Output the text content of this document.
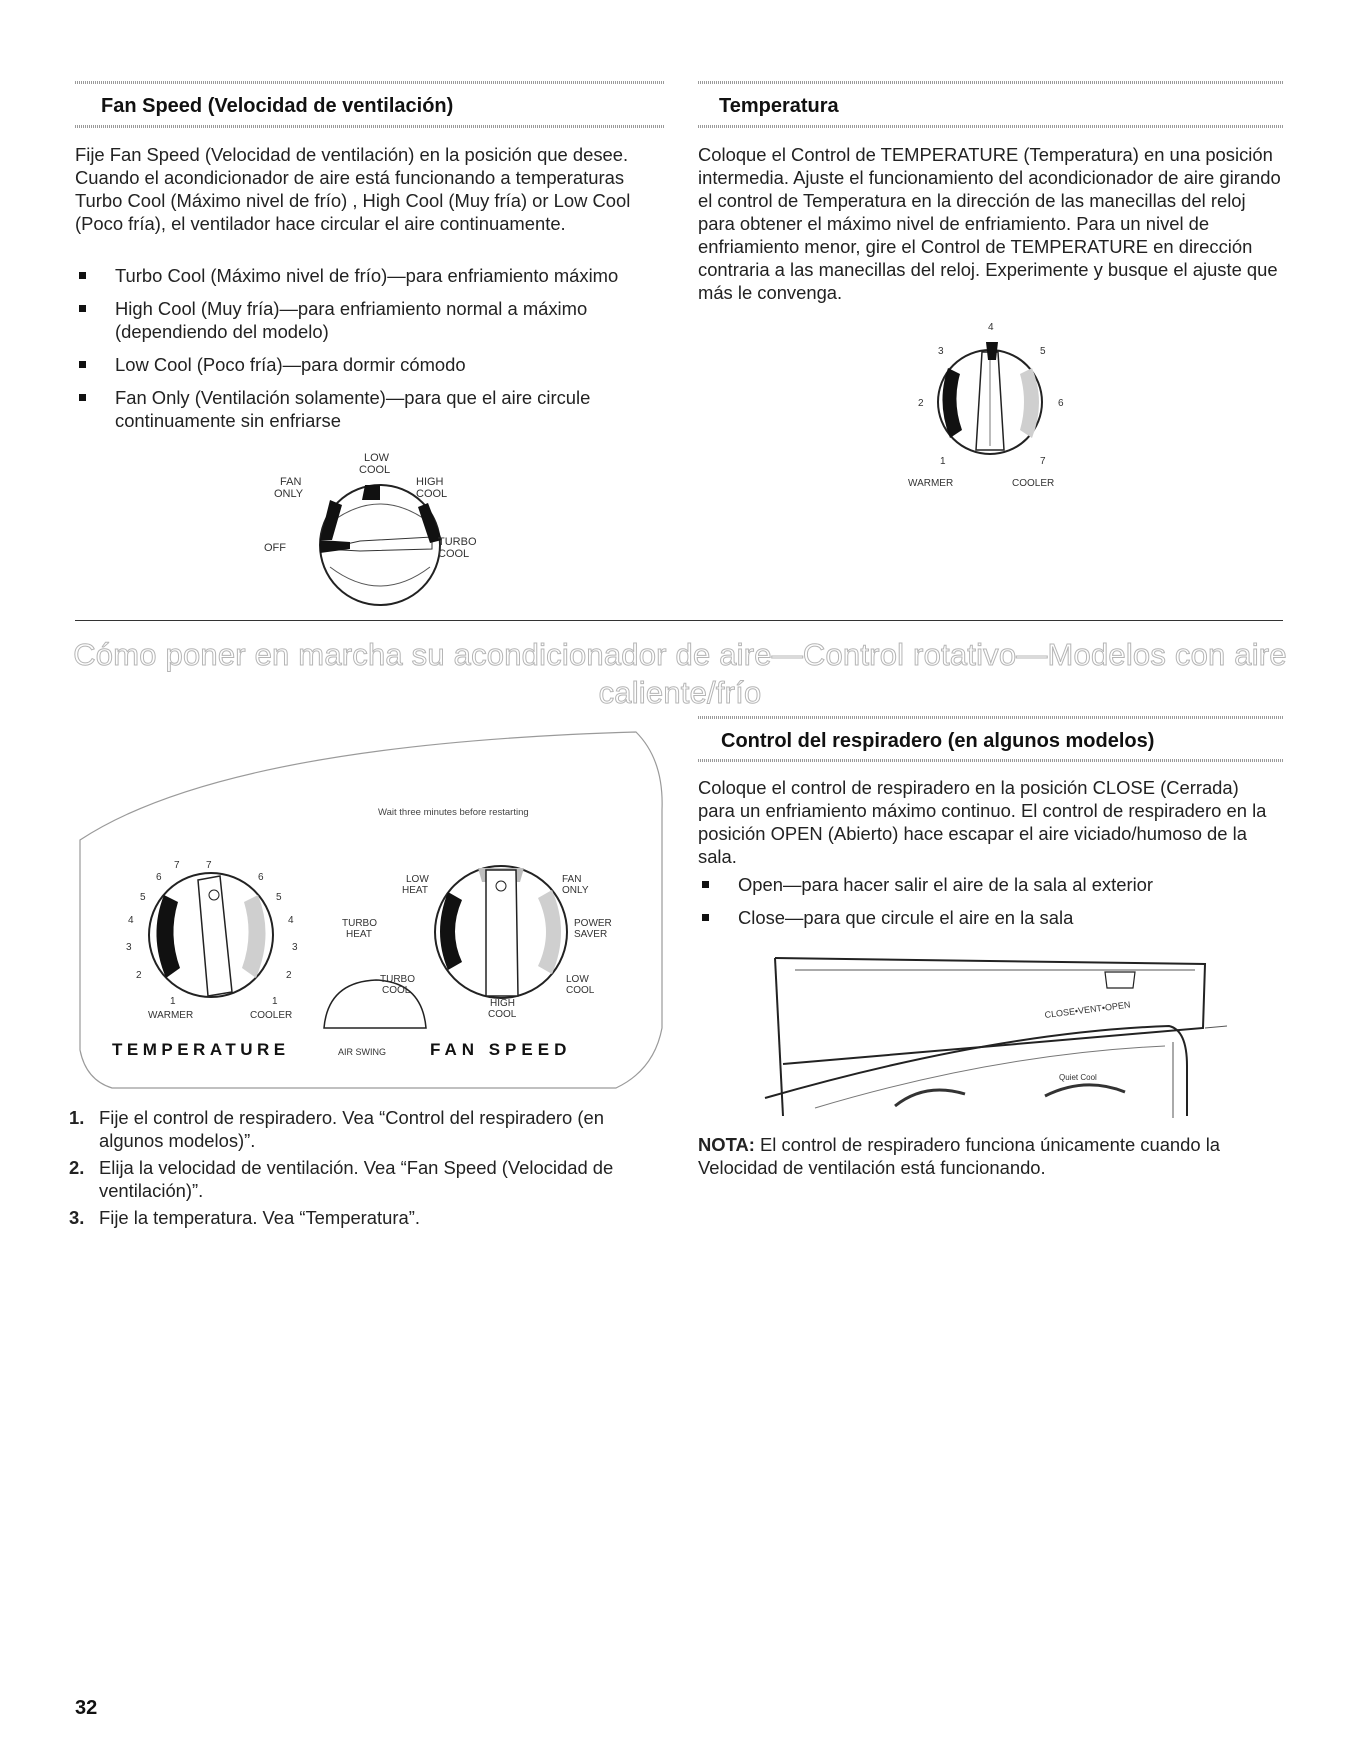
Fan Speed (Velocidad de ventilación)

Fije Fan Speed (Velocidad de ventilación) en la posición que desee. Cuando el acondicionador de aire está funcionando a temperaturas Turbo Cool (Máximo nivel de frío) , High Cool (Muy fría) or Low Cool (Poco fría), el ventilador hace circular el aire continuamente.

Turbo Cool (Máximo nivel de frío)—para enfriamiento máximo
High Cool (Muy fría)—para enfriamiento normal a máximo (dependiendo del modelo)
Low Cool (Poco fría)—para dormir cómodo
Fan Only (Ventilación solamente)—para que el aire circule continuamente sin enfriarse
LOW
COOL
FAN
ONLY
HIGH
COOL
OFF	TURBO
COOL
Temperatura

Coloque el Control de TEMPERATURE (Temperatura) en una posición intermedia. Ajuste el funcionamiento del acondicionador de aire girando el control de Temperatura en la dirección de las manecillas del reloj para obtener el máximo nivel de enfriamiento. Para un nivel de enfriamiento menor, gire el Control de TEMPERATURE en dirección contraria a las manecillas del reloj. Experimente y busque el ajuste que más le convenga.

4
3	5
2	6
1	7
WARMER	COOLER
Cómo poner en marcha su acondicionador de aire—Control rotativo—Modelos con aire caliente/frío
Wait three minutes before restarting
7	7
6	6
5	5
4	4
3	3
2	2
1	1
WARMER	COOLER
LOW
HEAT
FAN
ONLY
TURBO
HEAT
POWER
SAVER
TURBO
COOL
LOW
COOL
HIGH
COOL
TEMPERATURE	AIR SWING	FAN SPEED
1. Fije el control de respiradero. Vea “Control del respiradero (en algunos modelos)”.
2. Elija la velocidad de ventilación. Vea “Fan Speed (Velocidad de ventilación)”.
3. Fije la temperatura. Vea “Temperatura”.
Control del respiradero (en algunos modelos)

Coloque el control de respiradero en la posición CLOSE (Cerrada) para un enfriamiento máximo continuo. El control de respiradero en la posición OPEN (Abierto) hace escapar el aire viciado/humoso de la sala.

Open—para hacer salir el aire de la sala al exterior
Close—para que circule el aire en la sala
CLOSE•VENT•OPEN
Quiet Cool

NOTA: El control de respiradero funciona únicamente cuando la Velocidad de ventilación está funcionando.

32
